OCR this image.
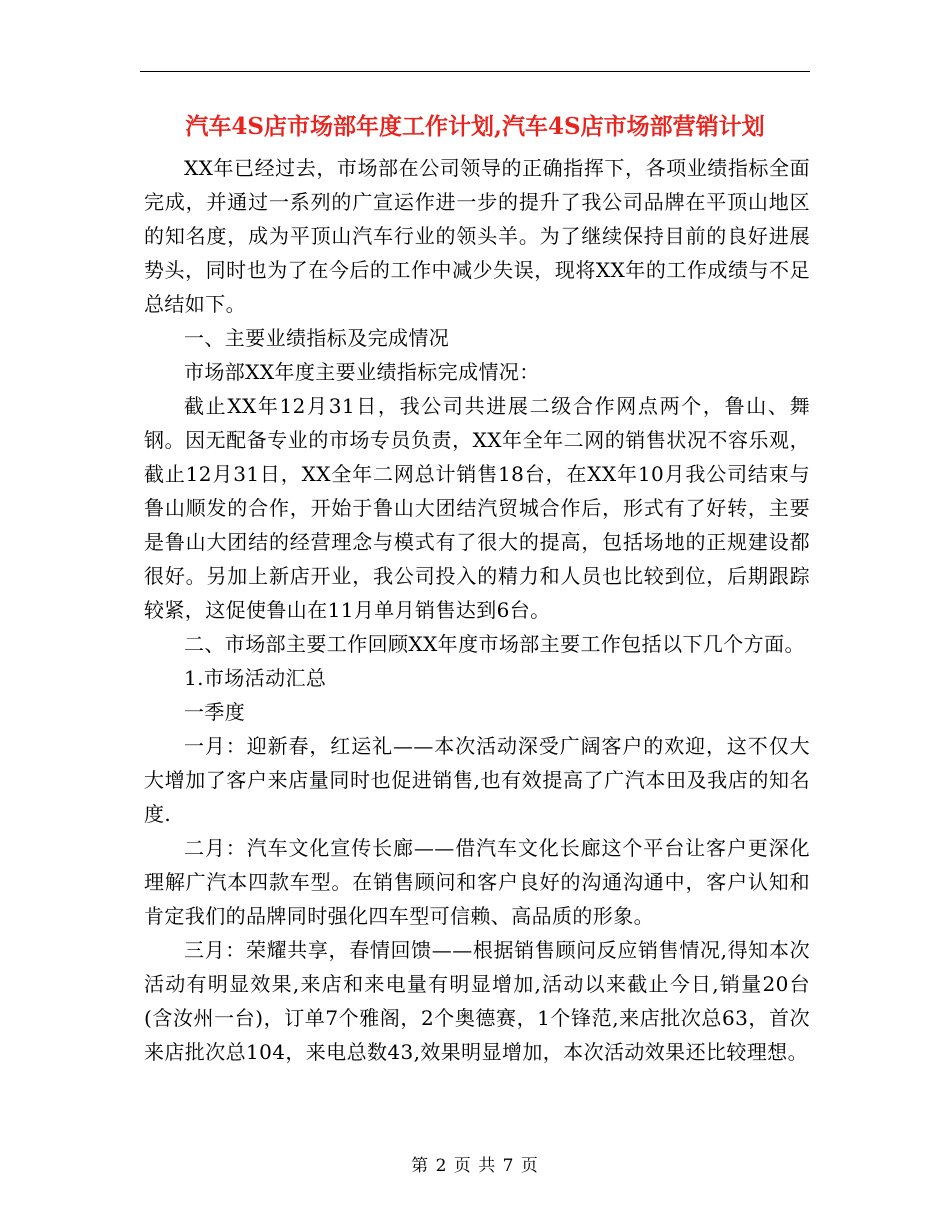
汽车4S店市场部年度工作计划,汽车4S店市场部营销计划

XX年已经过去，市场部在公司领导的正确指挥下，各项业绩指标全面完成，并通过一系列的广宣运作进一步的提升了我公司品牌在平顶山地区的知名度，成为平顶山汽车行业的领头羊。为了继续保持目前的良好进展势头，同时也为了在今后的工作中减少失误，现将XX年的工作成绩与不足总结如下。

一、主要业绩指标及完成情况

市场部XX年度主要业绩指标完成情况：

截止XX年12月31日，我公司共进展二级合作网点两个，鲁山、舞钢。因无配备专业的市场专员负责，XX年全年二网的销售状况不容乐观，截止12月31日，XX全年二网总计销售18台，在XX年10月我公司结束与鲁山顺发的合作，开始于鲁山大团结汽贸城合作后，形式有了好转，主要是鲁山大团结的经营理念与模式有了很大的提高，包括场地的正规建设都很好。另加上新店开业，我公司投入的精力和人员也比较到位，后期跟踪较紧，这促使鲁山在11月单月销售达到6台。

二、市场部主要工作回顾XX年度市场部主要工作包括以下几个方面。

1.市场活动汇总

一季度

一月：迎新春，红运礼——本次活动深受广阔客户的欢迎，这不仅大大增加了客户来店量同时也促进销售,也有效提高了广汽本田及我店的知名度.

二月：汽车文化宣传长廊——借汽车文化长廊这个平台让客户更深化理解广汽本四款车型。在销售顾问和客户良好的沟通沟通中，客户认知和肯定我们的品牌同时强化四车型可信赖、高品质的形象。

三月：荣耀共享，春情回馈——根据销售顾问反应销售情况,得知本次活动有明显效果,来店和来电量有明显增加,活动以来截止今日,销量20台(含汝州一台)，订单7个雅阁，2个奥德赛，1个锋范,来店批次总63，首次来店批次总104，来电总数43,效果明显增加，本次活动效果还比较理想。

第 2 页 共 7 页
